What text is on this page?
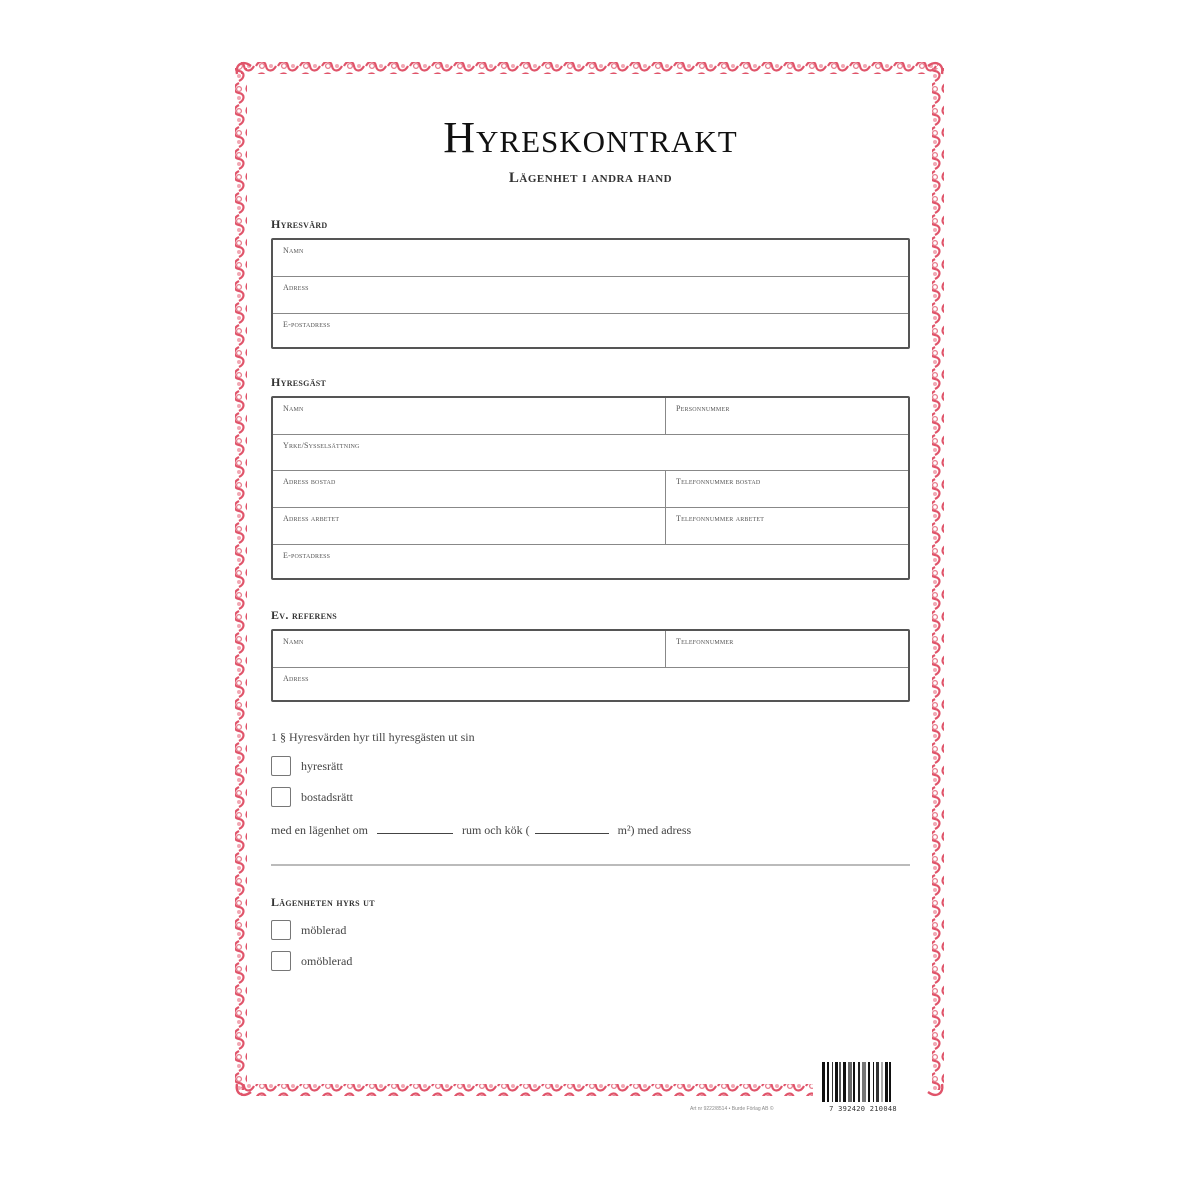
Hyreskontrakt
Lägenhet i andra hand
Hyresvärd
Namn
Adress
E-postadress
Hyresgäst
Namn	Personnummer
Yrke/Sysselsättning
Adress bostad	Telefonnummer bostad
Adress arbetet	Telefonnummer arbetet
E-postadress
Ev. referens
Namn	Telefonnummer
Adress
1 § Hyresvärden hyr till hyresgästen ut sin
hyresrätt
bostadsrätt
med en lägenhet om	rum och kök (	m²) med adress
Lägenheten hyrs ut
möblerad
omöblerad
7 392420 210048
Art nr 9222/8514 • Burde Förlag AB ©
